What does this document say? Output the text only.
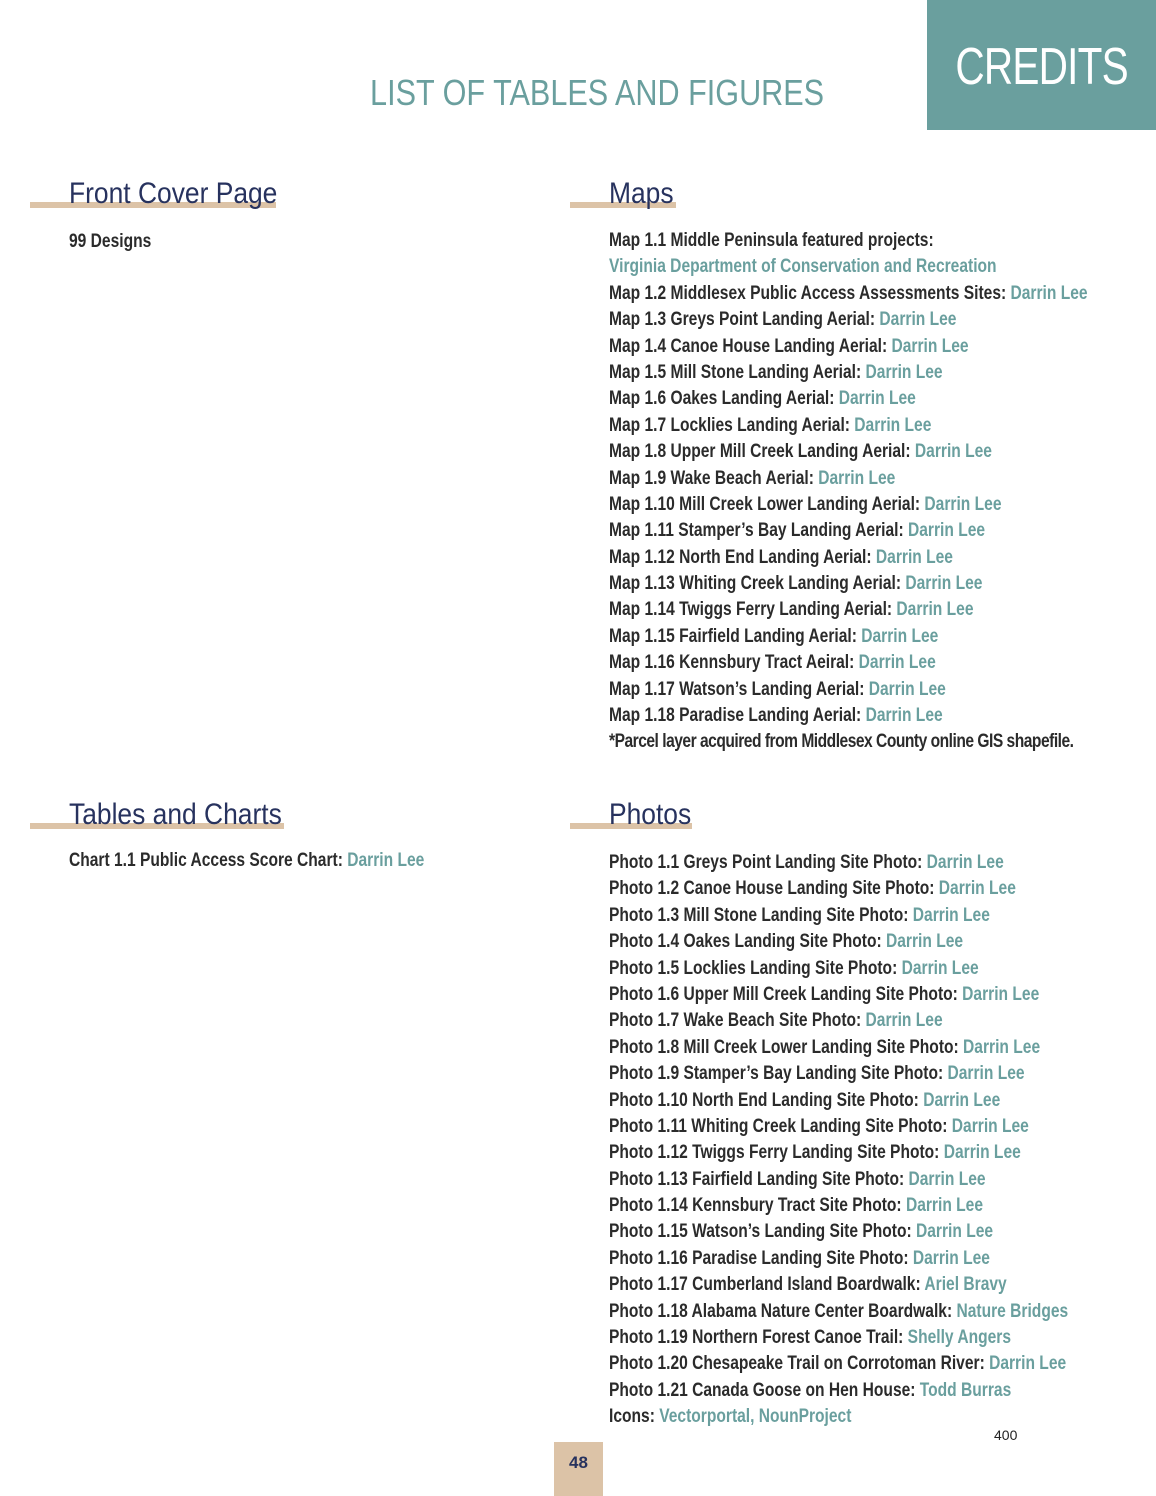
CREDITS
LIST OF TABLES AND FIGURES
Front Cover Page
99 Designs
Tables and Charts
Chart 1.1 Public Access Score Chart: Darrin Lee
Maps
Map 1.1 Middle Peninsula featured projects:
Virginia Department of Conservation and Recreation
Map 1.2 Middlesex Public Access Assessments Sites: Darrin Lee
Map 1.3 Greys Point Landing Aerial: Darrin Lee
Map 1.4 Canoe House Landing Aerial: Darrin Lee
Map 1.5 Mill Stone Landing Aerial: Darrin Lee
Map 1.6 Oakes Landing Aerial: Darrin Lee
Map 1.7 Locklies Landing Aerial: Darrin Lee
Map 1.8 Upper Mill Creek Landing Aerial: Darrin Lee
Map 1.9 Wake Beach Aerial: Darrin Lee
Map 1.10 Mill Creek Lower Landing Aerial: Darrin Lee
Map 1.11 Stamper’s Bay Landing Aerial: Darrin Lee
Map 1.12 North End Landing Aerial: Darrin Lee
Map 1.13 Whiting Creek Landing Aerial: Darrin Lee
Map 1.14 Twiggs Ferry Landing Aerial: Darrin Lee
Map 1.15 Fairfield Landing Aerial: Darrin Lee
Map 1.16 Kennsbury Tract Aeiral: Darrin Lee
Map 1.17 Watson’s Landing Aerial: Darrin Lee
Map 1.18 Paradise Landing Aerial: Darrin Lee
*Parcel layer acquired from Middlesex County online GIS shapefile.
Photos
Photo 1.1 Greys Point Landing Site Photo: Darrin Lee
Photo 1.2 Canoe House Landing Site Photo: Darrin Lee
Photo 1.3 Mill Stone Landing Site Photo: Darrin Lee
Photo 1.4 Oakes Landing Site Photo: Darrin Lee
Photo 1.5 Locklies Landing Site Photo: Darrin Lee
Photo 1.6 Upper Mill Creek Landing Site Photo: Darrin Lee
Photo 1.7 Wake Beach Site Photo: Darrin Lee
Photo 1.8 Mill Creek Lower Landing Site Photo: Darrin Lee
Photo 1.9 Stamper’s Bay Landing Site Photo: Darrin Lee
Photo 1.10 North End Landing Site Photo: Darrin Lee
Photo 1.11 Whiting Creek Landing Site Photo: Darrin Lee
Photo 1.12 Twiggs Ferry Landing Site Photo: Darrin Lee
Photo 1.13 Fairfield Landing Site Photo: Darrin Lee
Photo 1.14 Kennsbury Tract Site Photo: Darrin Lee
Photo 1.15 Watson’s Landing Site Photo: Darrin Lee
Photo 1.16 Paradise Landing Site Photo: Darrin Lee
Photo 1.17 Cumberland Island Boardwalk: Ariel Bravy
Photo 1.18 Alabama Nature Center Boardwalk: Nature Bridges
Photo 1.19 Northern Forest Canoe Trail: Shelly Angers
Photo 1.20 Chesapeake Trail on Corrotoman River: Darrin Lee
Photo 1.21 Canada Goose on Hen House: Todd Burras
Icons: Vectorportal, NounProject
400
48
